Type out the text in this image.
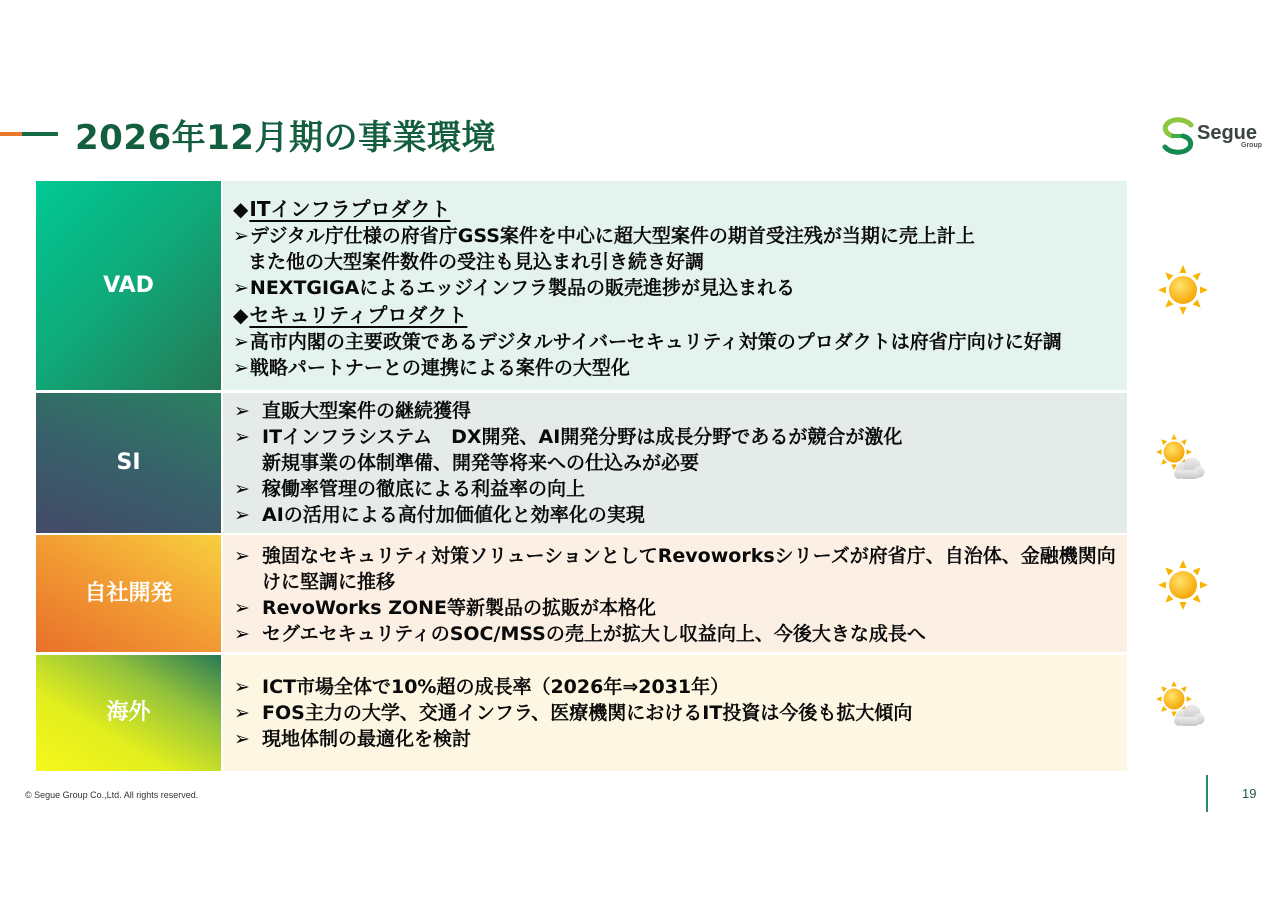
2026年12月期の事業環境	Segue
Group
VAD
◆ITインフラプロダクト
➢デジタル庁仕様の府省庁GSS案件を中心に超大型案件の期首受注残が当期に売上計上
また他の大型案件数件の受注も見込まれ引き続き好調
➢NEXTGIGAによるエッジインフラ製品の販売進捗が見込まれる
◆セキュリティプロダクト
➢高市内閣の主要政策であるデジタルサイバーセキュリティ対策のプロダクトは府省庁向けに好調
➢戦略パートナーとの連携による案件の大型化
SI
➢ 直販大型案件の継続獲得
➢ ITインフラシステム　DX開発、AI開発分野は成長分野であるが競合が激化
新規事業の体制準備、開発等将来への仕込みが必要
➢ 稼働率管理の徹底による利益率の向上
➢ AIの活用による高付加価値化と効率化の実現
自社開発
➢ 強固なセキュリティ対策ソリューションとしてRevoworksシリーズが府省庁、自治体、金融機関向
けに堅調に推移
➢ RevoWorks ZONE等新製品の拡販が本格化
➢ セグエセキュリティのSOC/MSSの売上が拡大し収益向上、今後大きな成長へ
海外
➢ ICT市場全体で10%超の成長率（2026年⇒2031年）
➢ FOS主力の大学、交通インフラ、医療機関におけるIT投資は今後も拡大傾向
➢ 現地体制の最適化を検討
© Segue Group Co.,Ltd. All rights reserved.	19
